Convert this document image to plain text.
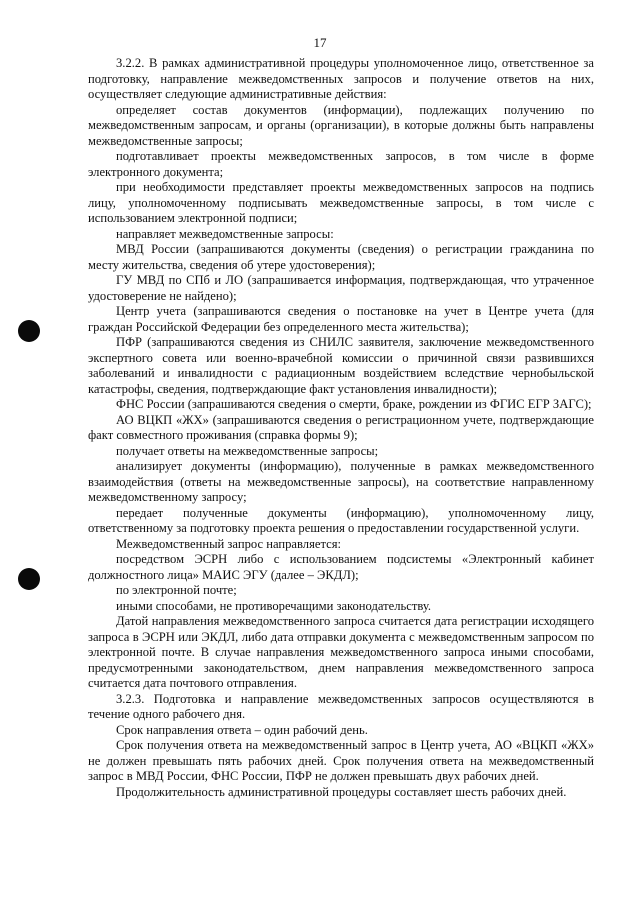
17

3.2.2. В рамках административной процедуры уполномоченное лицо, ответственное за подготовку, направление межведомственных запросов и получение ответов на них, осуществляет следующие административные действия:

определяет состав документов (информации), подлежащих получению по межведомственным запросам, и органы (организации), в которые должны быть направлены межведомственные запросы;

подготавливает проекты межведомственных запросов, в том числе в форме электронного документа;

при необходимости представляет проекты межведомственных запросов на подпись лицу, уполномоченному подписывать межведомственные запросы, в том числе с использованием электронной подписи;

направляет межведомственные запросы:

МВД России (запрашиваются документы (сведения) о регистрации гражданина по месту жительства, сведения об утере удостоверения);

ГУ МВД по СПб и ЛО (запрашивается информация, подтверждающая, что утраченное удостоверение не найдено);

Центр учета (запрашиваются сведения о постановке на учет в Центре учета (для граждан Российской Федерации без определенного места жительства);

ПФР (запрашиваются сведения из СНИЛС заявителя, заключение межведомственного экспертного совета или военно-врачебной комиссии о причинной связи развившихся заболеваний и инвалидности с радиационным воздействием вследствие чернобыльской катастрофы, сведения, подтверждающие факт установления инвалидности);

ФНС России (запрашиваются сведения о смерти, браке, рождении из ФГИС ЕГР ЗАГС);

АО ВЦКП «ЖХ» (запрашиваются сведения о регистрационном учете, подтверждающие факт совместного проживания (справка формы 9);

получает ответы на межведомственные запросы;

анализирует документы (информацию), полученные в рамках межведомственного взаимодействия (ответы на межведомственные запросы), на соответствие направленному межведомственному запросу;

передает полученные документы (информацию), уполномоченному лицу, ответственному за подготовку проекта решения о предоставлении государственной услуги.

Межведомственный запрос направляется:

посредством ЭСРН либо с использованием подсистемы «Электронный кабинет должностного лица» МАИС ЭГУ (далее – ЭКДЛ);

по электронной почте;

иными способами, не противоречащими законодательству.

Датой направления межведомственного запроса считается дата регистрации исходящего запроса в ЭСРН или ЭКДЛ, либо дата отправки документа с межведомственным запросом по электронной почте. В случае направления межведомственного запроса иными способами, предусмотренными законодательством, днем направления межведомственного запроса считается дата почтового отправления.

3.2.3. Подготовка и направление межведомственных запросов осуществляются в течение одного рабочего дня.

Срок направления ответа – один рабочий день.

Срок получения ответа на межведомственный запрос в Центр учета, АО «ВЦКП «ЖХ» не должен превышать пять рабочих дней. Срок получения ответа на межведомственный запрос в МВД России, ФНС России, ПФР не должен превышать двух рабочих дней.

Продолжительность административной процедуры составляет шесть рабочих дней.
